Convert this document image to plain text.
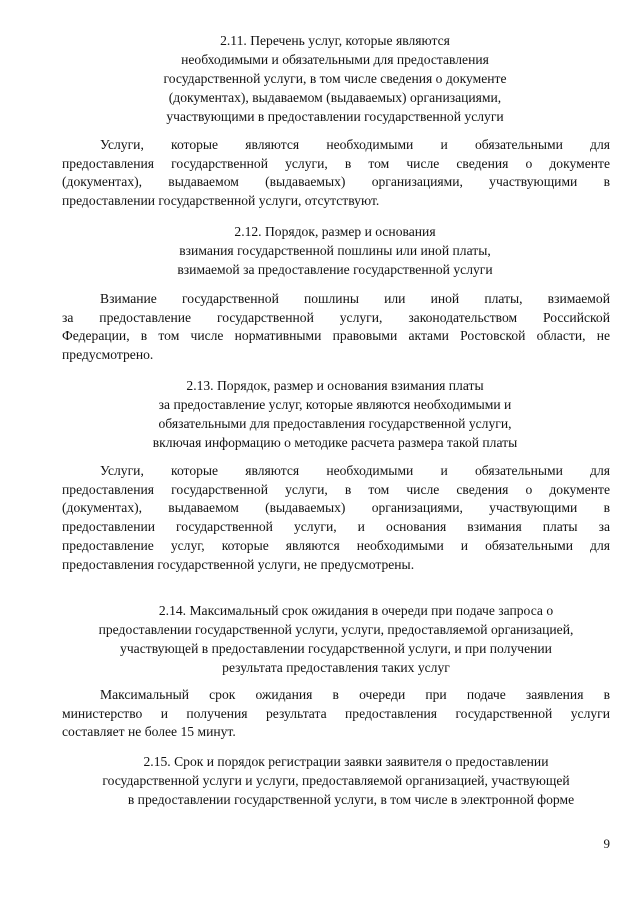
2.11. Перечень услуг, которые являются
необходимыми и обязательными для предоставления
государственной услуги, в том числе сведения о документе
(документах), выдаваемом (выдаваемых) организациями,
участвующими в предоставлении государственной услуги
Услуги, которые являются необходимыми и обязательными для
предоставления государственной услуги, в том числе сведения о документе
(документах), выдаваемом (выдаваемых) организациями, участвующими в
предоставлении государственной услуги, отсутствуют.
2.12. Порядок, размер и основания
взимания государственной пошлины или иной платы,
взимаемой за предоставление государственной услуги
Взимание государственной пошлины или иной платы, взимаемой
за предоставление государственной услуги, законодательством Российской
Федерации, в том числе нормативными правовыми актами Ростовской области, не
предусмотрено.
2.13. Порядок, размер и основания взимания платы
за предоставление услуг, которые являются необходимыми и
обязательными для предоставления государственной услуги,
включая информацию о методике расчета размера такой платы
Услуги, которые являются необходимыми и обязательными для
предоставления государственной услуги, в том числе сведения о документе
(документах), выдаваемом (выдаваемых) организациями, участвующими в
предоставлении государственной услуги, и основания взимания платы за
предоставление услуг, которые являются необходимыми и обязательными для
предоставления государственной услуги, не предусмотрены.
2.14. Максимальный срок ожидания в очереди при подаче запроса о
предоставлении государственной услуги, услуги, предоставляемой организацией,
участвующей в предоставлении государственной услуги, и при получении
результата предоставления таких услуг
Максимальный срок ожидания в очереди при подаче заявления в
министерство и получения результата предоставления государственной услуги
составляет не более 15 минут.
2.15. Срок и порядок регистрации заявки заявителя о предоставлении
государственной услуги и услуги, предоставляемой организацией, участвующей
в предоставлении государственной услуги, в том числе в электронной форме
9
